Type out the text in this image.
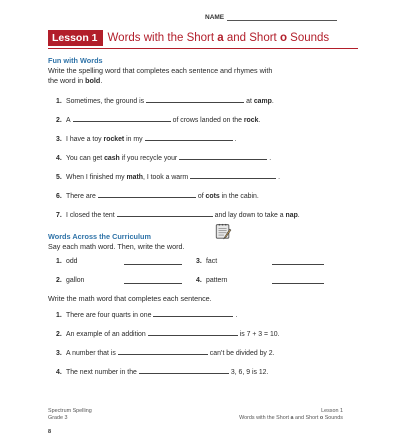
NAME
Lesson 1 Words with the Short a and Short o Sounds
Fun with Words
Write the spelling word that completes each sentence and rhymes with
the word in bold.
1. Sometimes, the ground is	at camp.
2. A	of crows landed on the rock.
3. I have a toy rocket in my	.
4. You can get cash if you recycle your	.
5. When I finished my math, I took a warm	.
6. There are	of cots in the cabin.
7. I closed the tent	and lay down to take a nap.
Words Across the Curriculum
Say each math word. Then, write the word.
1. odd	3. fact
2. gallon	4. pattern
Write the math word that completes each sentence.
1. There are four quarts in one	.
2. An example of an addition	is 7 + 3 = 10.
3. A number that is	can’t be divided by 2.
4. The next number in the	3, 6, 9 is 12.
Spectrum Spelling
Grade 3
Lesson 1
Words with the Short a and Short o Sounds
8
